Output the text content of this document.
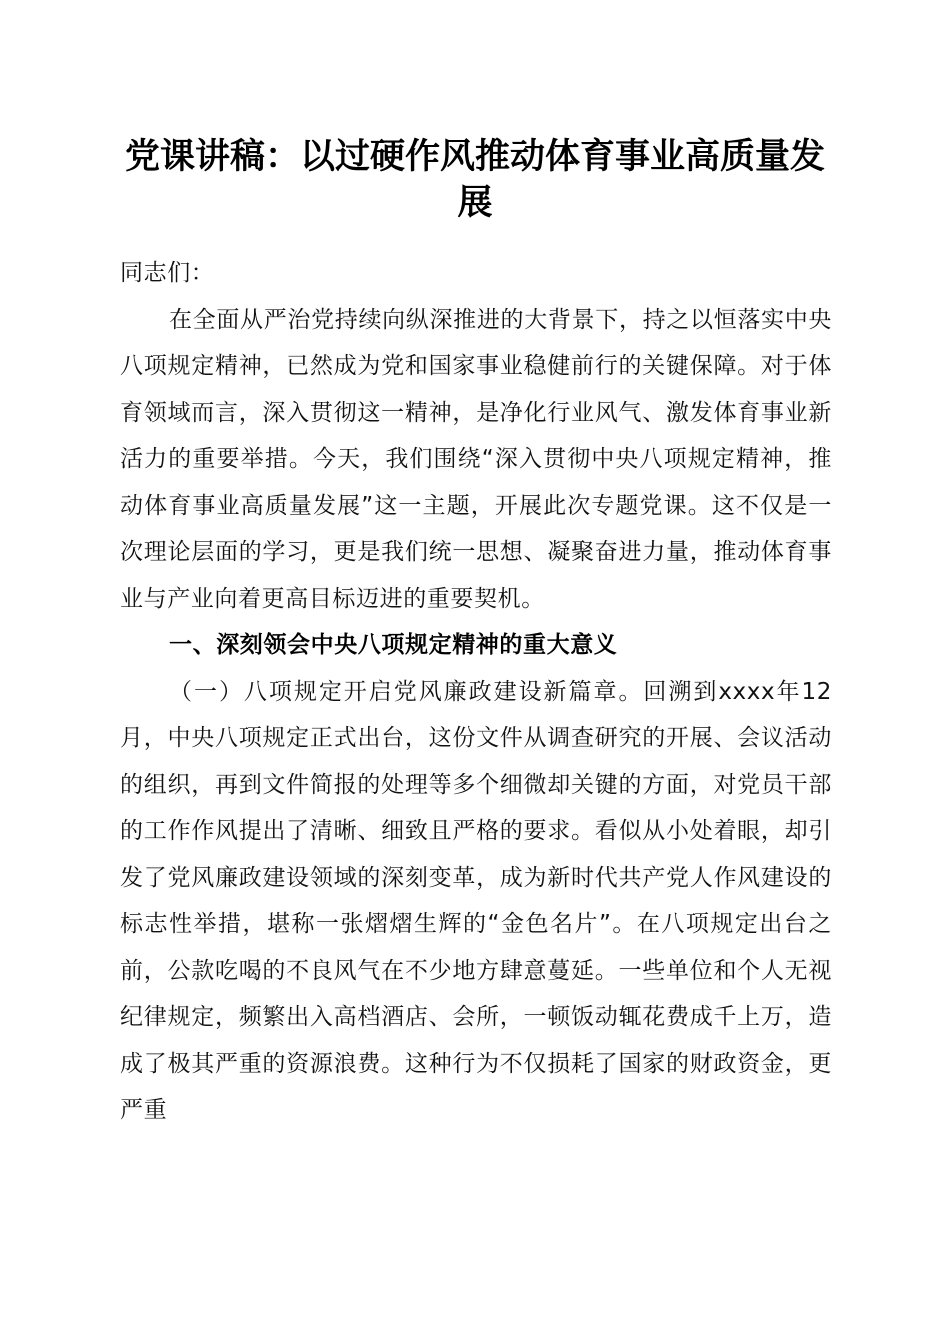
党课讲稿：以过硬作风推动体育事业高质量发展

同志们：

在全面从严治党持续向纵深推进的大背景下，持之以恒落实中央八项规定精神，已然成为党和国家事业稳健前行的关键保障。对于体育领域而言，深入贯彻这一精神，是净化行业风气、激发体育事业新活力的重要举措。今天，我们围绕“深入贯彻中央八项规定精神，推动体育事业高质量发展”这一主题，开展此次专题党课。这不仅是一次理论层面的学习，更是我们统一思想、凝聚奋进力量，推动体育事业与产业向着更高目标迈进的重要契机。

一、深刻领会中央八项规定精神的重大意义

（一）八项规定开启党风廉政建设新篇章。回溯到xxxx年12月，中央八项规定正式出台，这份文件从调查研究的开展、会议活动的组织，再到文件简报的处理等多个细微却关键的方面，对党员干部的工作作风提出了清晰、细致且严格的要求。看似从小处着眼，却引发了党风廉政建设领域的深刻变革，成为新时代共产党人作风建设的标志性举措，堪称一张熠熠生辉的“金色名片”。在八项规定出台之前，公款吃喝的不良风气在不少地方肆意蔓延。一些单位和个人无视纪律规定，频繁出入高档酒店、会所，一顿饭动辄花费成千上万，造成了极其严重的资源浪费。这种行为不仅损耗了国家的财政资金，更严重
